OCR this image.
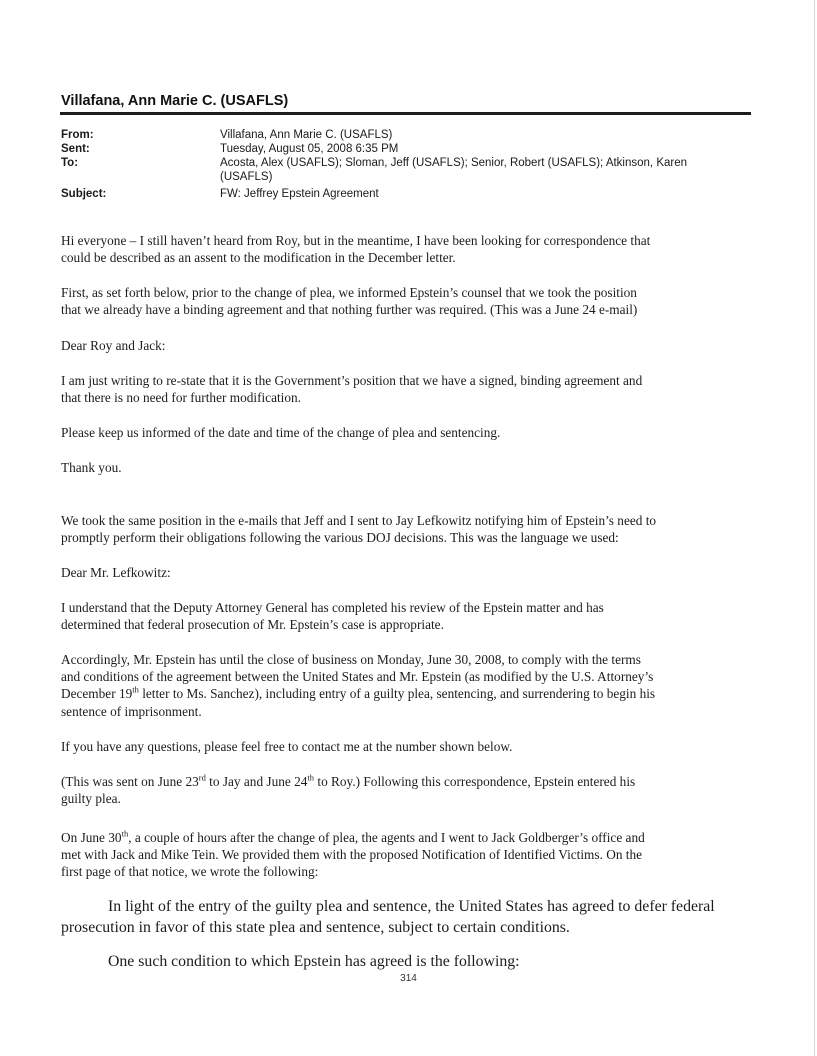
Villafana, Ann Marie C. (USAFLS)
From:	Villafana, Ann Marie C. (USAFLS)
Sent:	Tuesday, August 05, 2008 6:35 PM
To:	Acosta, Alex (USAFLS); Sloman, Jeff (USAFLS); Senior, Robert (USAFLS); Atkinson, Karen
(USAFLS)
Subject:	FW: Jeffrey Epstein Agreement
Hi everyone – I still haven’t heard from Roy, but in the meantime, I have been looking for correspondence that
could be described as an assent to the modification in the December letter.
First, as set forth below, prior to the change of plea, we informed Epstein’s counsel that we took the position
that we already have a binding agreement and that nothing further was required. (This was a June 24 e-mail)
Dear Roy and Jack:
I am just writing to re-state that it is the Government’s position that we have a signed, binding agreement and
that there is no need for further modification.
Please keep us informed of the date and time of the change of plea and sentencing.
Thank you.
We took the same position in the e-mails that Jeff and I sent to Jay Lefkowitz notifying him of Epstein’s need to
promptly perform their obligations following the various DOJ decisions. This was the language we used:
Dear Mr. Lefkowitz:
I understand that the Deputy Attorney General has completed his review of the Epstein matter and has
determined that federal prosecution of Mr. Epstein’s case is appropriate.
Accordingly, Mr. Epstein has until the close of business on Monday, June 30, 2008, to comply with the terms
and conditions of the agreement between the United States and Mr. Epstein (as modified by the U.S. Attorney’s
December 19th letter to Ms. Sanchez), including entry of a guilty plea, sentencing, and surrendering to begin his
sentence of imprisonment.
If you have any questions, please feel free to contact me at the number shown below.
(This was sent on June 23rd to Jay and June 24th to Roy.) Following this correspondence, Epstein entered his
guilty plea.
On June 30th, a couple of hours after the change of plea, the agents and I went to Jack Goldberger’s office and
met with Jack and Mike Tein. We provided them with the proposed Notification of Identified Victims. On the
first page of that notice, we wrote the following:
In light of the entry of the guilty plea and sentence, the United States has agreed to defer federal
prosecution in favor of this state plea and sentence, subject to certain conditions.
One such condition to which Epstein has agreed is the following:
314
